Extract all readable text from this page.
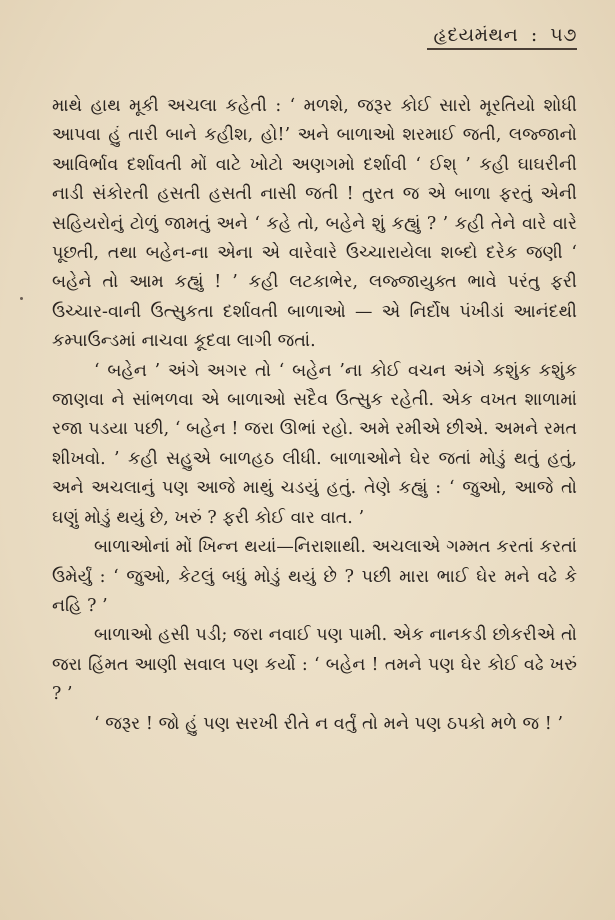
હૃદયમંથન : ૫૭

માથે હાથ મૂકી અચલા કહેતી : ‘ મળશે, જરૂર કોઈ સારો મૂરતિયો શોધી આપવા હું તારી બાને કહીશ, હો!’ અને બાળાઓ શરમાઈ જતી, લજ્જાનો આવિર્ભાવ દર્શાવતી મોં વાટે ખોટો અણગમો દર્શાવી ‘ ઈશ્ ’ કહી ઘાઘરીની નાડી સંકોરતી હસતી હસતી નાસી જતી ! તુરત જ એ બાળા ફરતું એની સહિયરોનું ટોળું જામતું અને ‘ કહે તો, બહેને શું કહ્યું ? ’ કહી તેને વારે વારે પૂછતી, તથા બહેન-ના એના એ વારેવારે ઉચ્ચારાયેલા શબ્દો દરેક જણી ‘ બહેને તો આમ કહ્યું ! ’ કહી લટકાભેર, લજ્જાયુક્ત ભાવે પરંતુ ફરી ઉચ્ચાર-વાની ઉત્સુકતા દર્શાવતી બાળાઓ — એ નિર્દોષ પંખીડાં આનંદથી કમ્પાઉન્ડમાં નાચવા કૂદવા લાગી જતાં.

‘ બહેન ’ અંગે અગર તો ‘ બહેન ’ના કોઈ વચન અંગે કશુંક કશુંક જાણવા ને સાંભળવા એ બાળાઓ સદૈવ ઉત્સુક રહેતી. એક વખત શાળામાં રજા પડયા પછી, ‘ બહેન ! જરા ઊભાં રહો. અમે રમીએ છીએ. અમને રમત શીખવો. ’ કહી સહુએ બાળહઠ લીધી. બાળાઓને ઘેર જતાં મોડું થતું હતું, અને અચલાનું પણ આજે માથું ચડયું હતું. તેણે કહ્યું : ‘ જુઓ, આજે તો ઘણું મોડું થયું છે, ખરું ? ફરી કોઈ વાર વાત. ’

બાળાઓનાં મોં ખિન્ન થયાં—નિરાશાથી. અચલાએ ગમ્મત કરતાં કરતાં ઉમેર્યું : ‘ જુઓ, કેટલું બધું મોડું થયું છે ? પછી મારા ભાઈ ઘેર મને વઢે કે નહિ ? ’

બાળાઓ હસી પડી; જરા નવાઈ પણ પામી. એક નાનકડી છોકરીએ તો જરા હિંમત આણી સવાલ પણ કર્યો : ‘ બહેન ! તમને પણ ઘેર કોઈ વઢે ખરું ? ’

‘ જરૂર ! જો હું પણ સરખી રીતે ન વર્તું તો મને પણ ઠપકો મળે જ ! ’
